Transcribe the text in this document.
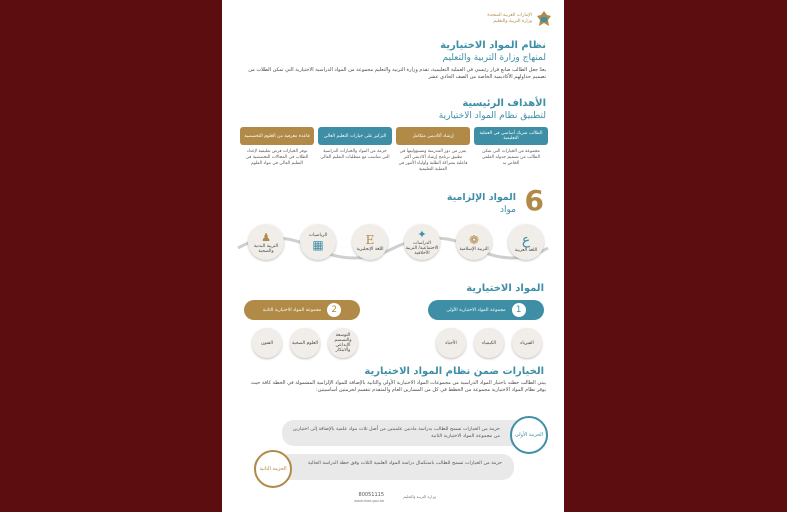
الإمارات العربية المتحدة
وزارة التربية والتعليم
نظام المواد الاختيارية
لمنهاج وزارة التربية والتعليم
يعدّ جعل الطالب صانع قرار رئيسي في العملية التعليمية، تقدم وزارة التربية والتعليم مجموعة من المواد الدراسية الاختيارية التي تمكن الطلاب من تصميم جداولهم الأكاديمية الخاصة من الصف الحادي عشر
الأهداف الرئيسية
لتطبيق نظام المواد الاختيارية
الطالب شريك أساسي في العملية التعليمية
مجموعة من الخيارات التي تمكن الطالب من تصميم جدوله العلمي الخاص به
إرشاد أكاديمي متكامل
يعزز من دور المدرسة ومسؤوليتها في تطبيق برنامج إرشاد أكاديمي أكثر فاعلية بشراكة الطلبة وأولياء الأمور في العملية التعليمية
التركيز على خيارات التعليم العالي
حزمة من المواد والخيارات الدراسية التي تتناسب مع متطلبات التعليم العالي
قاعدة معرفية من العلوم التخصصية
توفر الخيارات فرص تعليمية لإعداد الطلاب في المجالات التخصصية في التعليم العالي في مواد العلوم
6
المواد الإلزامية
مواد
ع
اللغة العربية
❁
التربية الإسلامية
✦
الدراسات الاجتماعية/ التربية الأخلاقية
E
اللغة الإنجليزية
الرياضيات
▦
♟
التربية البدنية والصحية
المواد الاختيارية
1
مجموعة المواد الاختيارية الأولى
2
مجموعة المواد الاختيارية الثانية
الفيزياء
الكيمياء
الأحياء
التوسعة والتصميم الإبداعي والابتكار
العلوم الصحية
الفنون
الخيارات ضمن نظام المواد الاختيارية
يبني الطالب خطته باختيار المواد الدراسية من مجموعات المواد الاختيارية الأولى والثانية بالإضافة للمواد الإلزامية المشمولة في الخطة كافة حيث يوفر نظام المواد الاختيارية مجموعة من الخطط في كل من المسارين العام والمتقدم تنقسم لحزمتين أساسيتين:
حزمة من الخيارات تسمح للطالب بدراسة مادتين علميتين من أصل ثلاث مواد علمية بالإضافة إلى اختيارين من مجموعة المواد الاختيارية الثانية	الحزمة الأولى
حزمة من الخيارات تسمح للطالب باستكمال دراسة المواد العلمية الثلاث وفق خطة الدراسة الحالية
الحزمة الثانية
وزارة التربية والتعليم
80051115
www.moe.gov.ae
